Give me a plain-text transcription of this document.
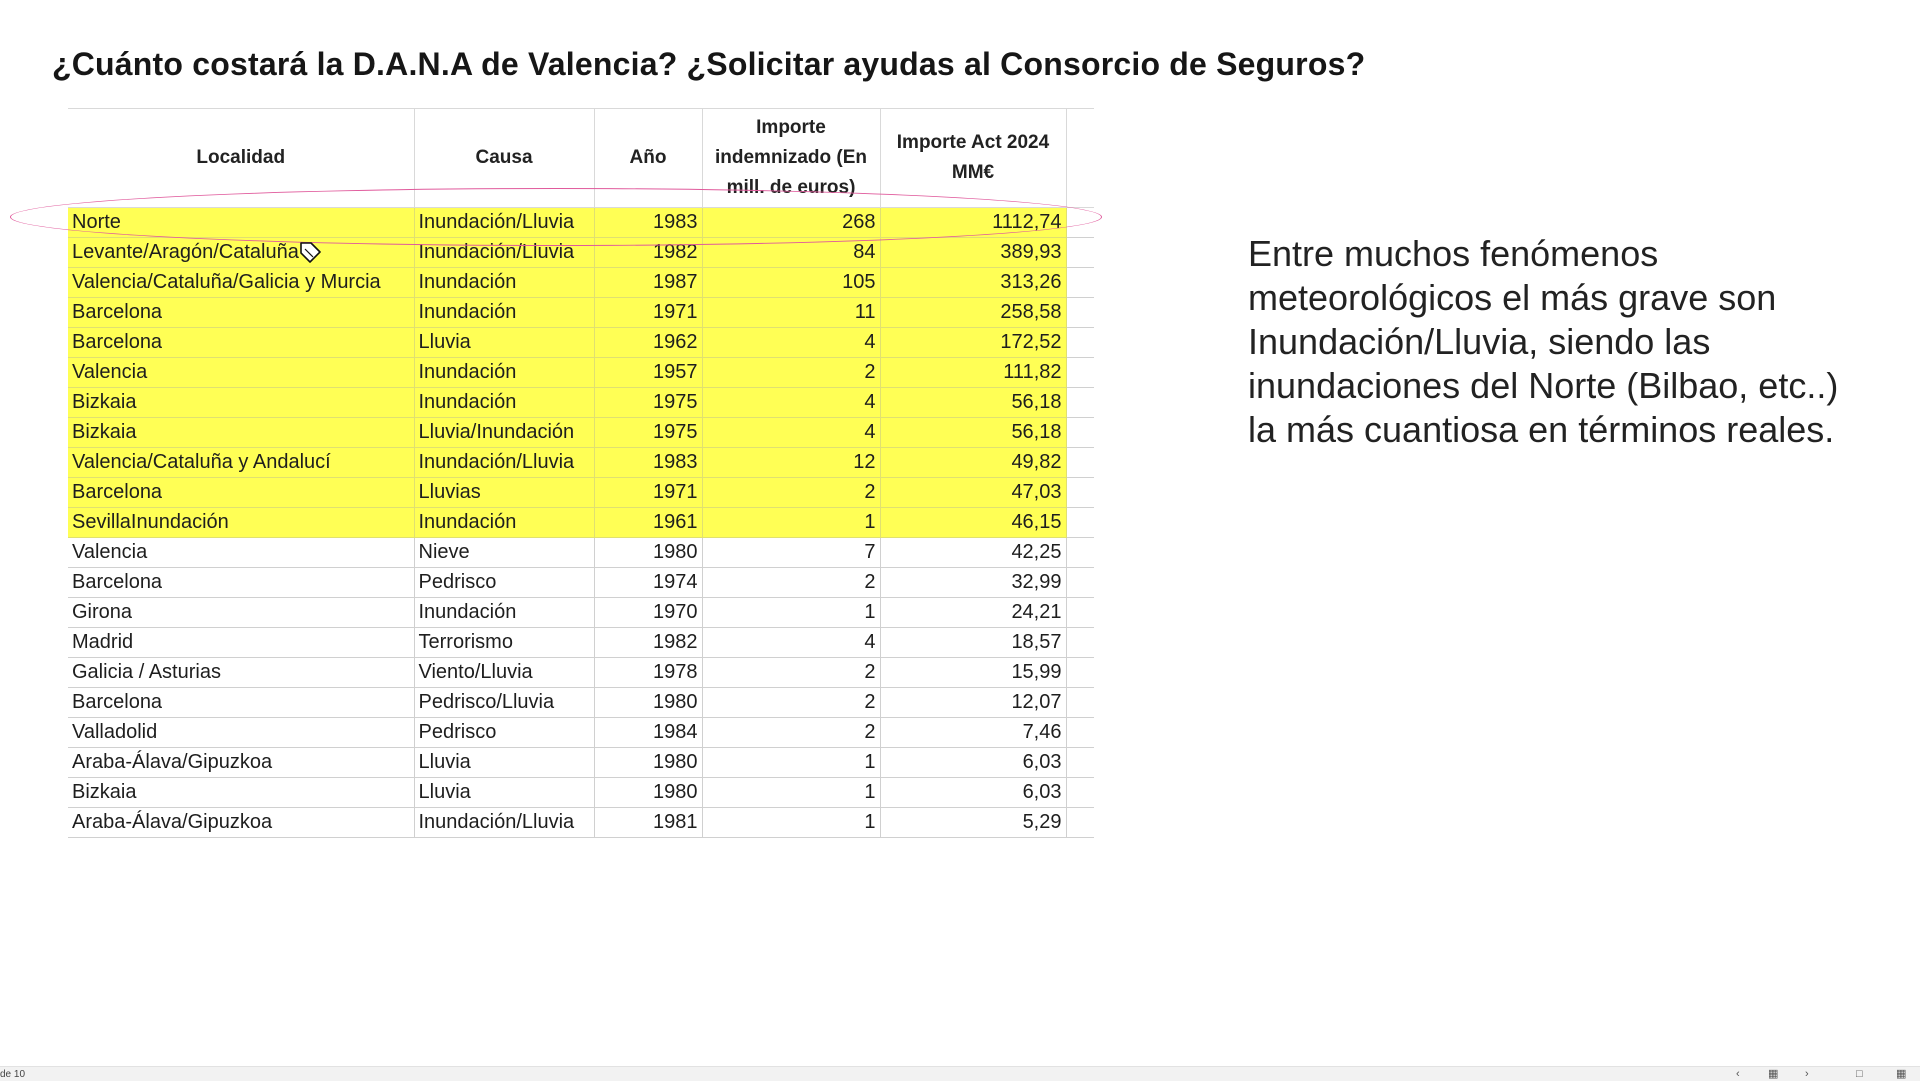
¿Cuánto costará la D.A.N.A de Valencia? ¿Solicitar ayudas al Consorcio de Seguros?
Localidad	Causa	Año	Importe indemnizado (En mill. de euros)	Importe Act 2024 MM€	
Norte	Inundación/Lluvia	1983	268	1112,74	
Levante/Aragón/Cataluña	Inundación/Lluvia	1982	84	389,93	
Valencia/Cataluña/Galicia y Murcia	Inundación	1987	105	313,26	
Barcelona	Inundación	1971	11	258,58	
Barcelona	Lluvia	1962	4	172,52	
Valencia	Inundación	1957	2	111,82	
Bizkaia	Inundación	1975	4	56,18	
Bizkaia	Lluvia/Inundación	1975	4	56,18	
Valencia/Cataluña y Andalucí	Inundación/Lluvia	1983	12	49,82	
Barcelona	Lluvias	1971	2	47,03	
SevillaInundación	Inundación	1961	1	46,15	
Valencia	Nieve	1980	7	42,25	
Barcelona	Pedrisco	1974	2	32,99	
Girona	Inundación	1970	1	24,21	
Madrid	Terrorismo	1982	4	18,57	
Galicia / Asturias	Viento/Lluvia	1978	2	15,99	
Barcelona	Pedrisco/Lluvia	1980	2	12,07	
Valladolid	Pedrisco	1984	2	7,46	
Araba-Álava/Gipuzkoa	Lluvia	1980	1	6,03	
Bizkaia	Lluvia	1980	1	6,03	
Araba-Álava/Gipuzkoa	Inundación/Lluvia	1981	1	5,29	
Entre muchos fenómenos meteorológicos el más grave son Inundación/Lluvia, siendo las inundaciones del Norte (Bilbao, etc..) la más cuantiosa en términos reales.
de 10	‹	▦ ›	□	▦
